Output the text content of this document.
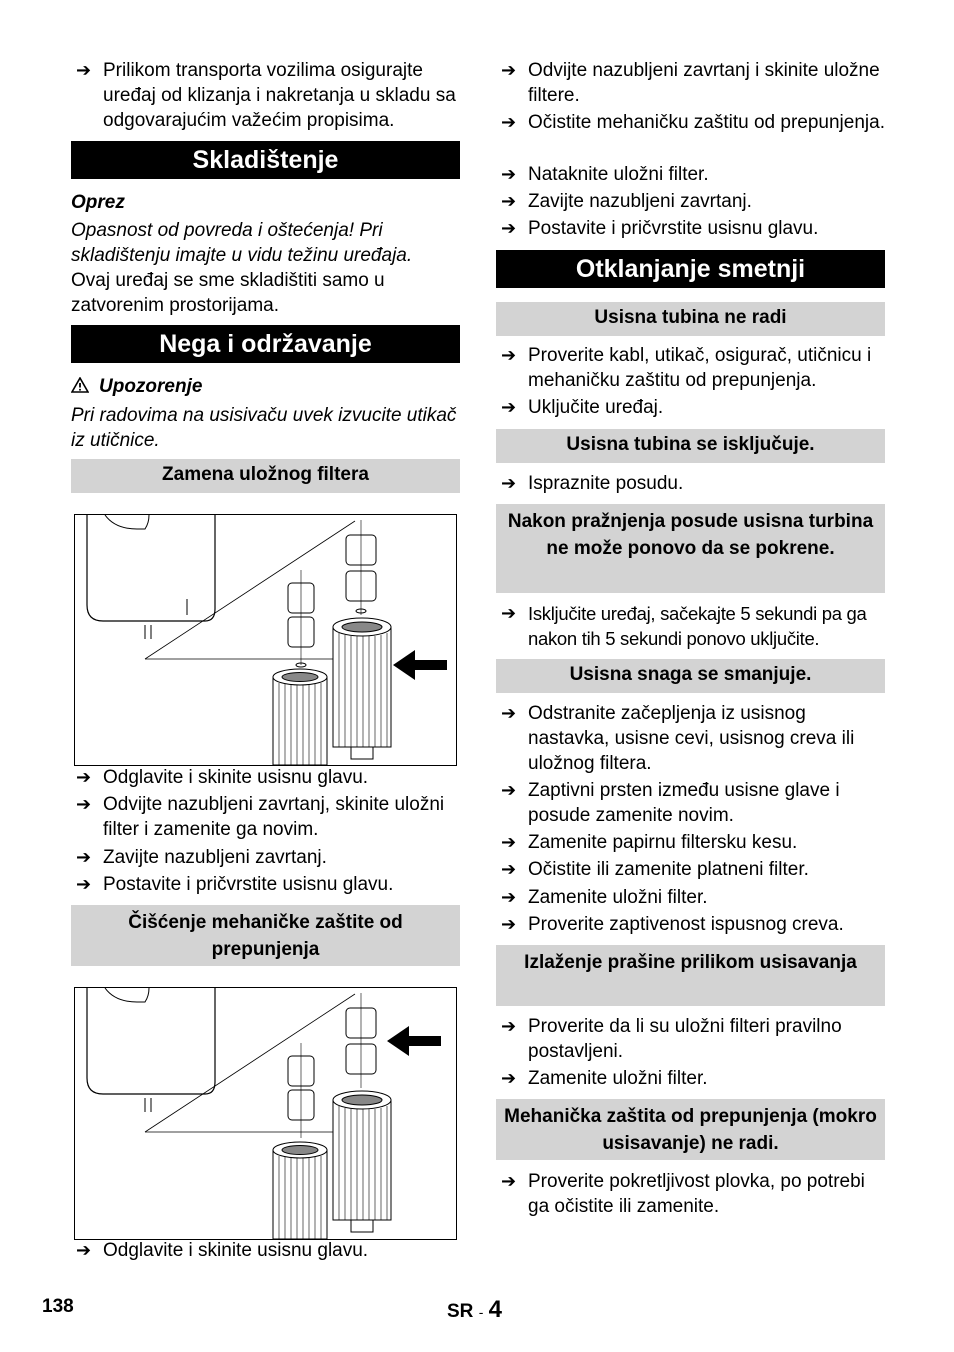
➔ Prilikom transporta vozilima osigurajte uređaj od klizanja i nakretanja u skladu sa odgovarajućim važećim propisima.
Skladištenje
Oprez
Opasnost od povreda i oštećenja! Pri skladištenju imajte u vidu težinu uređaja.
Ovaj uređaj se sme skladištiti samo u zatvorenim prostorijama.
Nega i održavanje
Upozorenje
Pri radovima na usisivaču uvek izvucite utikač iz utičnice.
Zamena uložnog filtera
➔ Odglavite i skinite usisnu glavu.
➔ Odvijte nazubljeni zavrtanj, skinite uložni filter i zamenite ga novim.
➔ Zavijte nazubljeni zavrtanj.
➔ Postavite i pričvrstite usisnu glavu.
Čišćenje mehaničke zaštite od prepunjenja
➔ Odglavite i skinite usisnu glavu.
➔ Odvijte nazubljeni zavrtanj i skinite uložne filtere.
➔ Očistite mehaničku zaštitu od prepunjenja.
➔ Nataknite uložni filter.
➔ Zavijte nazubljeni zavrtanj.
➔ Postavite i pričvrstite usisnu glavu.
Otklanjanje smetnji
Usisna tubina ne radi
➔ Proverite kabl, utikač, osigurač, utičnicu i mehaničku zaštitu od prepunjenja.
➔ Uključite uređaj.
Usisna tubina se isključuje.
➔ Ispraznite posudu.
Nakon pražnjenja posude usisna turbina ne može ponovo da se pokrene.
➔ Isključite uređaj, sačekajte 5 sekundi pa ga nakon tih 5 sekundi ponovo uključite.
Usisna snaga se smanjuje.
➔ Odstranite začepljenja iz usisnog nastavka, usisne cevi, usisnog creva ili uložnog filtera.
➔ Zaptivni prsten između usisne glave i posude zamenite novim.
➔ Zamenite papirnu filtersku kesu.
➔ Očistite ili zamenite platneni filter.
➔ Zamenite uložni filter.
➔ Proverite zaptivenost ispusnog creva.
Izlaženje prašine prilikom usisavanja
➔ Proverite da li su uložni filteri pravilno postavljeni.
➔ Zamenite uložni filter.
Mehanička zaštita od prepunjenja (mokro usisavanje) ne radi.
➔ Proverite pokretljivost plovka, po potrebi ga očistite ili zamenite.
138	SR - 4
